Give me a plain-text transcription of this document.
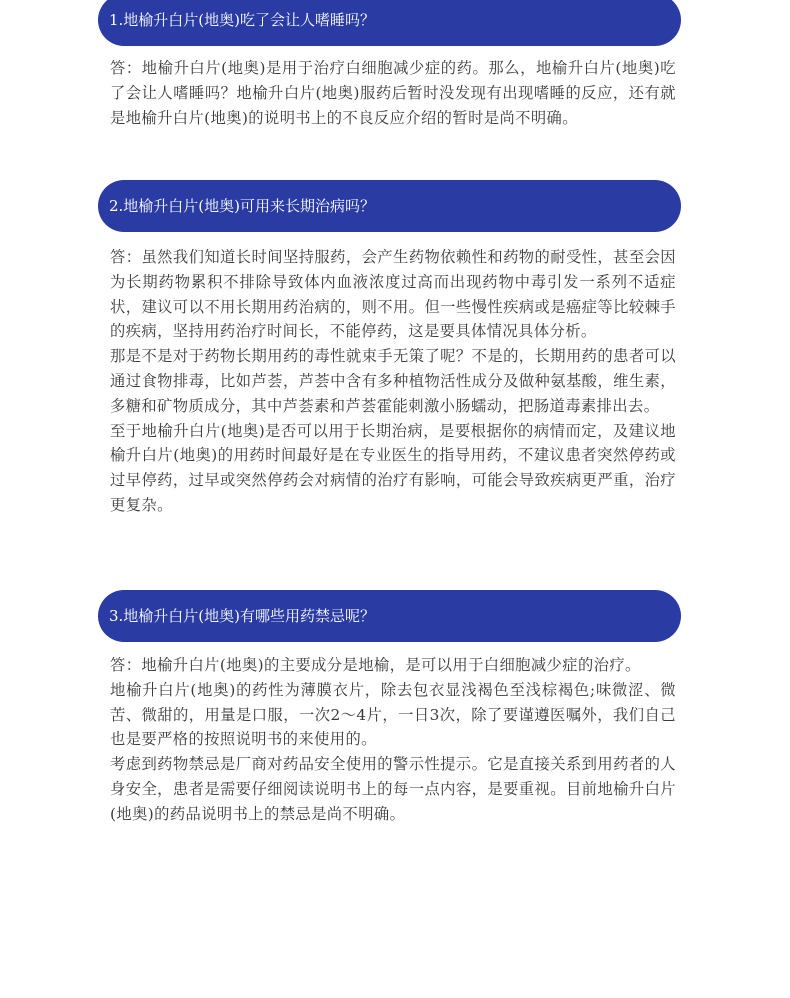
1.地榆升白片(地奥)吃了会让人嗜睡吗？

答：地榆升白片(地奥)是用于治疗白细胞减少症的药。那么，地榆升白片(地奥)吃了会让人嗜睡吗？地榆升白片(地奥)服药后暂时没发现有出现嗜睡的反应，还有就是地榆升白片(地奥)的说明书上的不良反应介绍的暂时是尚不明确。

2.地榆升白片(地奥)可用来长期治病吗？

答：虽然我们知道长时间坚持服药，会产生药物依赖性和药物的耐受性，甚至会因为长期药物累积不排除导致体内血液浓度过高而出现药物中毒引发一系列不适症状，建议可以不用长期用药治病的，则不用。但一些慢性疾病或是癌症等比较棘手的疾病，坚持用药治疗时间长，不能停药，这是要具体情况具体分析。

那是不是对于药物长期用药的毒性就束手无策了呢？不是的，长期用药的患者可以通过食物排毒，比如芦荟，芦荟中含有多种植物活性成分及做种氨基酸，维生素，多糖和矿物质成分，其中芦荟素和芦荟霍能刺激小肠蠕动，把肠道毒素排出去。

至于地榆升白片(地奥)是否可以用于长期治病，是要根据你的病情而定，及建议地榆升白片(地奥)的用药时间最好是在专业医生的指导用药，不建议患者突然停药或过早停药，过早或突然停药会对病情的治疗有影响，可能会导致疾病更严重，治疗更复杂。

3.地榆升白片(地奥)有哪些用药禁忌呢？

答：地榆升白片(地奥)的主要成分是地榆，是可以用于白细胞减少症的治疗。

地榆升白片(地奥)的药性为薄膜衣片，除去包衣显浅褐色至浅棕褐色;味微涩、微苦、微甜的，用量是口服，一次2～4片，一日3次，除了要谨遵医嘱外，我们自己也是要严格的按照说明书的来使用的。

考虑到药物禁忌是厂商对药品安全使用的警示性提示。它是直接关系到用药者的人身安全，患者是需要仔细阅读说明书上的每一点内容，是要重视。目前地榆升白片(地奥)的药品说明书上的禁忌是尚不明确。
